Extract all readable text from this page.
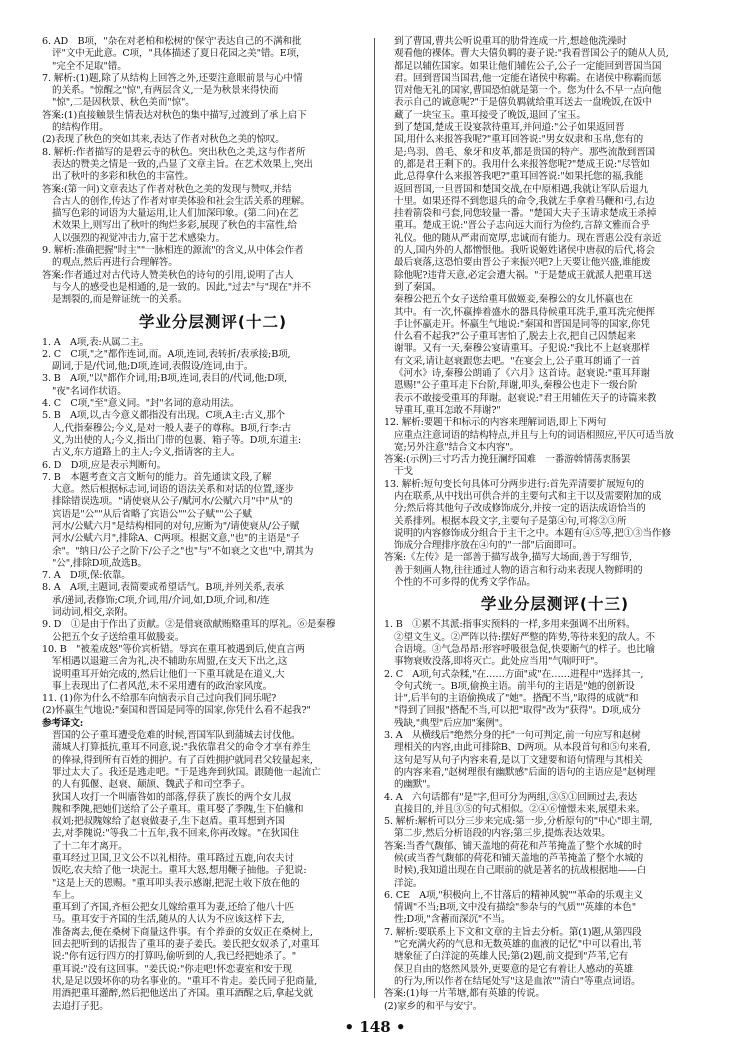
6. AD　B项，"杂在对老柏和松树的'保守'表达自己的不满和批
评"文中无此意。C项，"具体描述了夏日花园之美"错。E项，
"完全不足取"错。
7. 解析:(1)题,除了从结构上回答之外,还要注意眼前景与心中情
的关系。"惊醒之"惊",有两层含义,一是为秋景来得快而
"惊",二是因秋景、秋色美而"惊"。
答案:(1)直接触景生情表达对秋色的集中描写,过渡到了承上启下
的结构作用。
(2)表现了秋色的突如其来,表达了作者对秋色之美的惊叹。
8. 解析:作者描写的是碧云寺的秋色。突出秋色之美,这与作者所
表达的赞美之情是一致的,凸显了文章主旨。在艺术效果上,突出
出了秋叶的多彩和秋色的丰富性。
答案:(第一问)文章表达了作者对秋色之美的发现与赞叹,并结
合古人的创作,传达了作者对审美体验和社会生活关系的理解。
描写色彩的词语为大量运用,让人们加深印象。(第二问)在艺
术效果上,则写出了秋叶的绚烂多彩,展现了秋色的丰富性,给
人以强烈的视觉冲击力,富于艺术感染力。
9. 解析:准确把握"时主""一脉相连的源流"的含义,从中体会作者
的观点,然后再进行合理解答。
答案:作者通过对古代诗人赞美秋色的诗句的引用,说明了古人
与今人的感受也是相通的,是一致的。因此,"过去"与"现在"并不
是割裂的,而是辩证统一的关系。
学业分层测评(十二)
1. A　A项,表:从属二主。
2. C　C项,"之"都作连词,而。A项,连词,表转折/表承接;B项,
副词,于是/代词,他;D项,连词,表假设/连词,由于。
3. B　A项,"以"都作介词,用;B项,连词,表目的/代词,他;D项,
"夜"名词作状语。
4. C　C项,"至"意义同。"封"名词的意动用法。
5. B　A项,以,古今意义都指没有出现。C项,A主:古义,那个
人,代指秦穆公;今义,是对一般人妻子的尊称。B项,行李:古
义,为出使的人;今义,指出门带的包裹、箱子等。D项,东道主:
古义,东方道路上的主人;今义,指请客的主人。
6. D　D项,应是表示判断句。
7. B　本题考查文言文断句的能力。首先通读文段,了解
大意。然后根据标志词,词语的语法关系和对话的位置,逐步
排除错误选项。"请使衰从公子/赋河水/公赋六月"中"从"的
宾语是"公""从后省略了宾语公""公子赋""公子赋
河水/公赋六月"是结构相同的对句,应断为"/请使衰从/公子赋
河水/公赋六月",排除A、C两项。根据文意,"也"的主语是"子
余"。"纳日/公子之阶下/公子之"也"与"不如衰之文也"中,谓其为
"公",排除D项,故选B。
7. A　D项,保:依靠。
8. A　A项,主题词,表简要或希望话气。B项,并列关系,表承
承/递词,表修饰;C项,介词,用/介词,如,D项,介词,和/连
词动词,相交,亲附。
9. D　①是由于作出了贡献。②是借衰欲献贿赂重耳的厚礼。⑥是秦穆
公把五个女子送给重耳做媵妾。
10. B　"被羞成怒"等价宾析错。辱宾在重耳被遇到后,使直言两
军相遇以退避三舍为礼,决不辅助东周盟,在支天下出之,这
说明重耳开始完成的,然后让他们一下重耳就是在道义,大
事上表现出了仁者风范,未不采用遭有的政治家风度。
11. (1)你为什么不给那车向恼表示自己过向我们同乐呢?
(2)怀嬴生气地说:"秦国和晋国是同等的国家,你凭什么看不起我?"
参考译文:
晋国的公子重耳遭受危难的时候,晋国军队到蒲城去讨伐他。
蒲城人打算抵抗,重耳不同意,说:"我依靠君父的命令才享有养生
的俸禄,得到所有百姓的拥护。有了百姓拥护就同君父较量起来,
罪过太大了。我还是逃走吧。"于是逃奔到狄国。跟随他一起流亡
的人有狐偃、赵衰、颠颉、魏武子和司空季子。
狄国人攻打一个叫廧咎如的部落,俘获了族长的两个女儿叔
隗和季隗,把她们送给了公子重耳。重耳娶了季隗,生下伯鯈和
叔刘;把叔隗嫁给了赵衰做妻子,生下赵盾。重耳想到齐国
去,对季隗说:"等我二十五年,我不回来,你再改嫁。"在狄国住
了十二年才离开。
重耳经过卫国,卫文公不以礼相待。重耳路过五鹿,向农夫讨
饭吃,农夫给了他一块泥土。重耳大怒,想用鞭子抽他。子犯说:
"这是上天的恩赐。"重耳叩头表示感谢,把泥土收下放在他的
车上。
重耳到了齐国,齐桓公把女儿嫁给重耳为妻,还给了他八十匹
马。重耳安于齐国的生活,随从的人认为不应该这样下去,
准备离去,便在桑树下商量这件事。有个养蚕的女奴正在桑树上,
回去把听到的话报告了重耳的妻子姜氏。姜氏把女奴杀了,对重耳
说:"你有远行四方的打算吗,偷听到的人,我已经把她杀了。"
重耳说:"没有这回事。"姜氏说:"你走吧!怀恋妻室和安于现
状,是足以毁坏你的功名事业的。"重耳不肯走。姜氏同子犯商量,
用酒把重耳灌醉,然后把他送出了齐国。重耳酒醒之后,拿起戈就
去追打子犯。
到了曹国,曹共公听说重耳的肋骨连成一片,想趁他洗澡时
观看他的裸体。曹大夫僖负羁的妻子说:"我看晋国公子的随从人员,
都足以辅佐国家。如果让他们辅佐公子,公子一定能回到晋国当国
君。回到晋国当国君,他一定能在诸侯中称霸。在诸侯中称霸而惩
罚对他无礼的国家,曹国恐怕就是第一个。您为什么不早一点向他
表示自己的诚意呢?"于是僖负羁就给重耳送去一盘晚饭,在饭中
藏了一块宝玉。重耳接受了晚饭,退回了宝玉。
到了楚国,楚成王设宴款待重耳,并问道:"公子如果返回晋
国,用什么来报答我呢?"重耳回答说:"男女奴隶和玉帛,您有的
是;鸟羽、兽毛、象牙和皮革,都是贵国的特产。那些流散到晋国
的,都是君王剩下的。我用什么来报答您呢?"楚成王说:"尽管如
此,总得拿什么来报答我吧?"重耳回答说:"如果托您的福,我能
返回晋国,一旦晋国和楚国交战,在中原相遇,我就让军队后退九
十里。如果还得不到您退兵的命令,我就左手拿着马鞭和弓,右边
挂着箭袋和弓套,同您较量一番。"楚国大夫子玉请求楚成王杀掉
重耳。楚成王说:"晋公子志向远大而行为俭约,言辞文雅而合乎
礼仪。他的随从严肃而宽厚,忠诚而有能力。现在晋惠公没有亲近
的人,国内外的人都憎恨他。我听说姬姓诸侯中唐叔的后代,将会
最后衰落,这恐怕要由晋公子来振兴吧?上天要让他兴盛,谁能废
除他呢?违背天意,必定会遭大祸。"于是楚成王就派人把重耳送
到了秦国。
秦穆公把五个女子送给重耳做姬妾,秦穆公的女儿怀嬴也在
其中。有一次,怀嬴捧着盛水的器具侍候重耳洗手,重耳洗完便挥
手让怀嬴走开。怀嬴生气地说:"秦国和晋国是同等的国家,你凭
什么看不起我?"公子重耳害怕了,脱去上衣,把自己囚禁起来
谢罪。又有一天,秦穆公宴请重耳。子犯说:"我比不上赵衰那样
有文采,请让赵衰跟您去吧。"在宴会上,公子重耳朗诵了一首
《河水》诗,秦穆公朗诵了《六月》这首诗。赵衰说:"重耳拜谢
恩赐!"公子重耳走下台阶,拜谢,叩头,秦穆公也走下一级台阶
表示不敢接受重耳的拜谢。赵衰说:"君王用辅佐天子的诗篇来教
导重耳,重耳怎敢不拜谢?"
12. 解析:要题干和标示的内容来理解词语,即上下两句
应重点注意词语的结构特点,并且与上句的词语相照应,平仄可适当放
宽;另外注意"结合文本内容"。
答案:(示例)三寸巧舌力挽狂澜纾国难　一番游斡情荡衷肠罢
干戈
13. 解析:短句变长句具体可分两步进行:首先弄清要扩展短句的
内在联系,从中找出可供合并的主要句式和主干以及需要附加的成
分;然后将其他句子改成修饰成分,并按一定的语法成语恰当的
关系排列。根据本段文字,主要句子是第④句,可将②③所
说明的内容修饰成分组合于主干之中。本题有④⑤等,把①③当作修
饰成分合理排序放在④句的"一部"后面即可。
答案:《左传》是一部善于描写战争,描写大场面,善于写细节,
善于刻画人物,往往通过人物的语言和行动来表现人物鲜明的
个性的不可多得的优秀文学作品。
学业分层测评(十三)
1. B　①累不其派:指事实预料的一样,多用来强调不出所料。
②望文生义。②严阵以待:摆好严整的阵势,等待来犯的敌人。不
合语境。③气急昂昂:形容呼吸很急促,快要断气的样子。也比喻
事物衰败没落,即将灭亡。此处应当用"气喘吁吁"。
2. C　A项,句式杂糅,"在……方面"或"在……进程中"选择其一,
令句式统一。B项,偷换主语。前半句的主语是"她的创新设
计",后半句的主语偷换成了"她"。搭配不当,"取得的成就"和
"得到了回报"搭配不当,可以把"取得"改为"获得"。D项,成分
残缺,"典型"后应加"案例"。
3. A　从横线后"绝然分身的托"一句可判定,前一句应写和赵树
理相关的内容,由此可排除B、D两项。从本段首句和⑤句来看,
这句是写从句子内容来看,是以丁文建要和语句情理与其相关
的内容来看,"赵树理很有幽默感"后面的语句的主语应是"赵树理
的幽默"。
4. A　六句话都有"是"字,但可分为两组,③⑤①回顾过去,表达
直接目的,并且③⑤的句式相似。②④⑥憧憬未来,展望未来。
5. 解析:解析可以分三步来完成:第一步,分析原句的"中心"即主谓,
第二步,然后分析语段的内容;第三步,提炼表达效果。
答案:当香气馥郁、铺天盖地的荷花和芦苇掩盖了整个水城的时
候(或当香气馥郁的荷花和铺天盖地的芦苇掩盖了整个水城的
时候),我知道出现在自己眼前的就是著名的抗战根据地——白
洋淀。
6. CE　A项,"积极向上,不甘落后的精神风貌""革命的乐观主义
情调"不当;B项,文中没有描绘"参杂与的气质""英雄的本色"
性;D项,"含蓄而深沉"不当。
7. 解析:要联系上下文和文章的主旨去分析。第(1)题,从第四段
"它充满火药的气息和无数英雄的血液的记忆"中可以看出,苇
塘象征了白洋淀的英雄人民;第(2)题,前文提到"芦苇,它有
保卫自由的悠然风景外,更要意的是它有着让人感动的英雄
的行为,所以作者在结尾处写"这是血浓""清白"等重点词语。
答案:(1)每一片苇塘,都有英雄的传说。
(2)家乡的和平与安宁。
• 148 •
